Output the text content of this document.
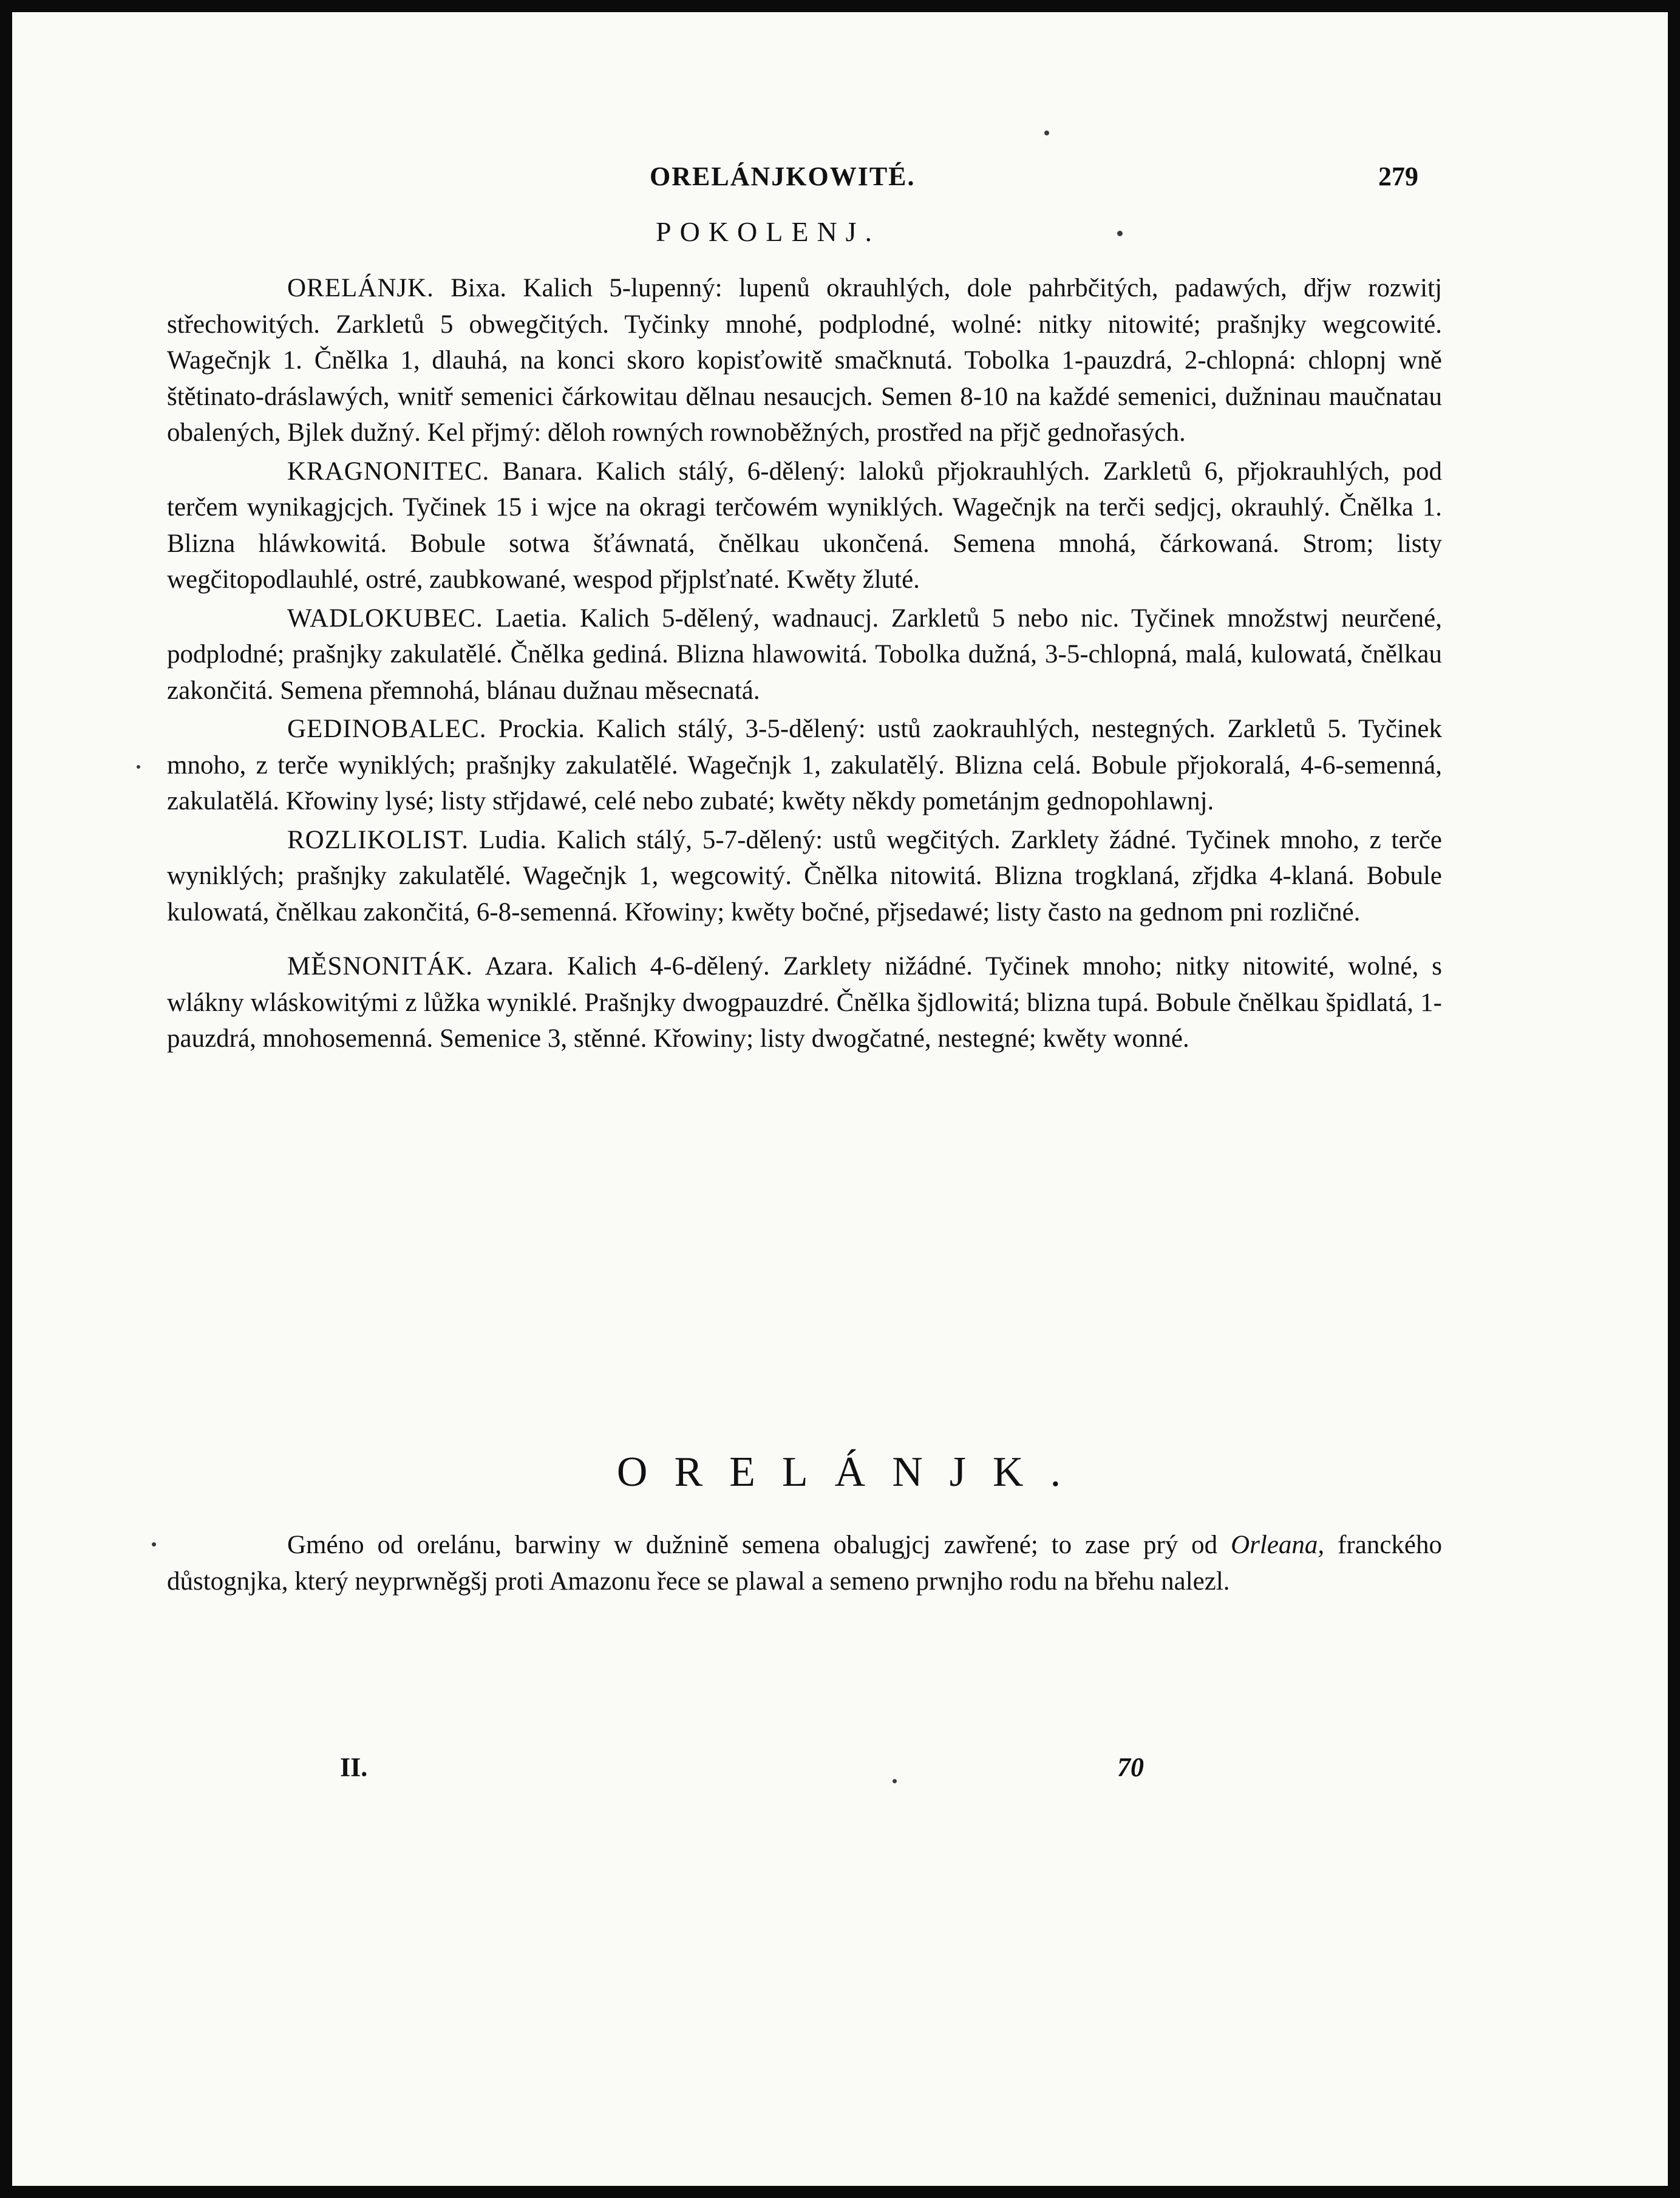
ORELÁNJKOWITÉ.	279
POKOLENJ.

ORELÁNJK. Bixa. Kalich 5-lupenný: lupenů okrauhlých, dole pahrbčitých, padawých, dřjw rozwitj střechowitých. Zarkletů 5 obwegčitých. Tyčinky mnohé, podplodné, wolné: nitky nitowité; prašnjky wegcowité. Wagečnjk 1. Čnělka 1, dlauhá, na konci skoro kopisťowitě smačknutá. Tobolka 1-pauzdrá, 2-chlopná: chlopnj wně štětinato-dráslawých, wnitř semenici čárkowitau dělnau nesaucjch. Semen 8-10 na každé semenici, dužninau maučnatau obalených, Bjlek dužný. Kel přjmý: děloh rowných rownoběžných, prostřed na přjč gednořasých.

KRAGNONITEC. Banara. Kalich stálý, 6-dělený: laloků přjokrauhlých. Zarkletů 6, přjokrauhlých, pod terčem wynikagjcjch. Tyčinek 15 i wjce na okragi terčowém wyniklých. Wagečnjk na terči sedjcj, okrauhlý. Čnělka 1. Blizna hláwkowitá. Bobule sotwa šťáwnatá, čnělkau ukončená. Semena mnohá, čárkowaná. Strom; listy wegčitopodlauhlé, ostré, zaubkowané, wespod přjplsťnaté. Kwěty žluté.

WADLOKUBEC. Laetia. Kalich 5-dělený, wadnaucj. Zarkletů 5 nebo nic. Tyčinek množstwj neurčené, podplodné; prašnjky zakulatělé. Čnělka gediná. Blizna hlawowitá. Tobolka dužná, 3-5-chlopná, malá, kulowatá, čnělkau zakončitá. Semena přemnohá, blánau dužnau měsecnatá.

GEDINOBALEC. Prockia. Kalich stálý, 3-5-dělený: ustů zaokrauhlých, nestegných. Zarkletů 5. Tyčinek mnoho, z terče wyniklých; prašnjky zakulatělé. Wagečnjk 1, zakulatělý. Blizna celá. Bobule přjokoralá, 4-6-semenná, zakulatělá. Křowiny lysé; listy střjdawé, celé nebo zubaté; kwěty někdy pometánjm gednopohlawnj.

ROZLIKOLIST. Ludia. Kalich stálý, 5-7-dělený: ustů wegčitých. Zarklety žádné. Tyčinek mnoho, z terče wyniklých; prašnjky zakulatělé. Wagečnjk 1, wegcowitý. Čnělka nitowitá. Blizna trogklaná, zřjdka 4-klaná. Bobule kulowatá, čnělkau zakončitá, 6-8-semenná. Křowiny; kwěty bočné, přjsedawé; listy často na gednom pni rozličné.

MĚSNONITÁK. Azara. Kalich 4-6-dělený. Zarklety nižádné. Tyčinek mnoho; nitky nitowité, wolné, s wlákny wláskowitými z lůžka wyniklé. Prašnjky dwogpauzdré. Čnělka šjdlowitá; blizna tupá. Bobule čnělkau špidlatá, 1-pauzdrá, mnohosemenná. Semenice 3, stěnné. Křowiny; listy dwogčatné, nestegné; kwěty wonné.

ORELÁNJK.

Gméno od orelánu, barwiny w dužnině semena obalugjcj zawřené; to zase prý od Orleana, franckého důstognjka, který neyprwněgšj proti Amazonu řece se plawal a semeno prwnjho rodu na břehu nalezl.

II.	70
